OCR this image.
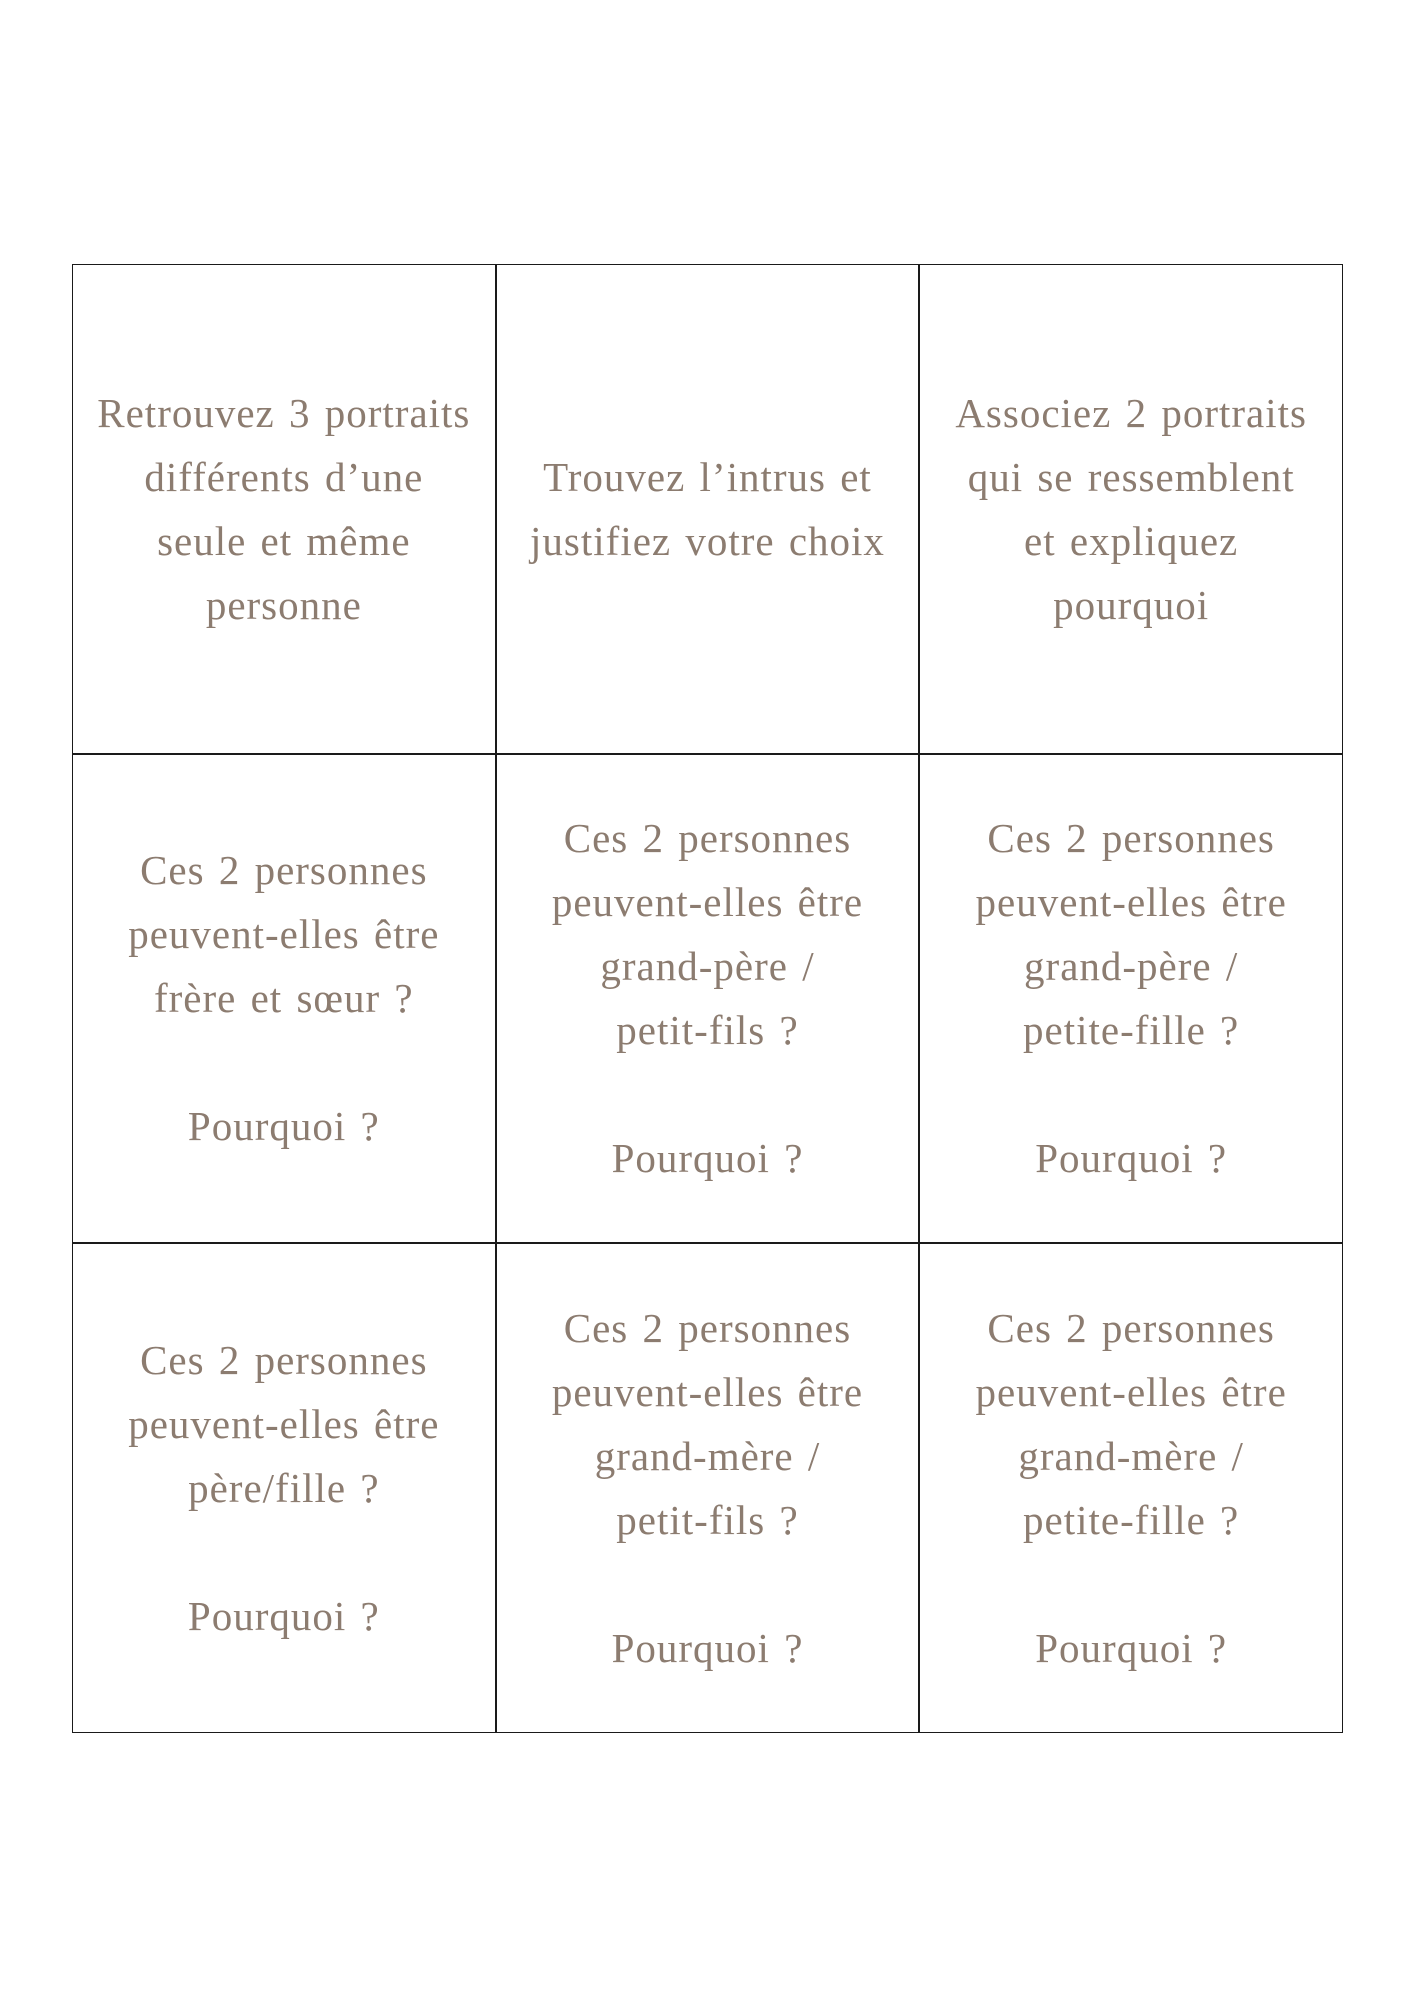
Retrouvez 3 portraits
différents d’une
seule et même
personne
Trouvez l’intrus et
justifiez votre choix
Associez 2 portraits
qui se ressemblent
et expliquez
pourquoi
Ces 2 personnes
peuvent-elles être
frère et sœur ?
Pourquoi ?
Ces 2 personnes
peuvent-elles être
grand-père /
petit-fils ?
Pourquoi ?
Ces 2 personnes
peuvent-elles être
grand-père /
petite-fille ?
Pourquoi ?
Ces 2 personnes
peuvent-elles être
père/fille ?
Pourquoi ?
Ces 2 personnes
peuvent-elles être
grand-mère /
petit-fils ?
Pourquoi ?
Ces 2 personnes
peuvent-elles être
grand-mère /
petite-fille ?
Pourquoi ?
